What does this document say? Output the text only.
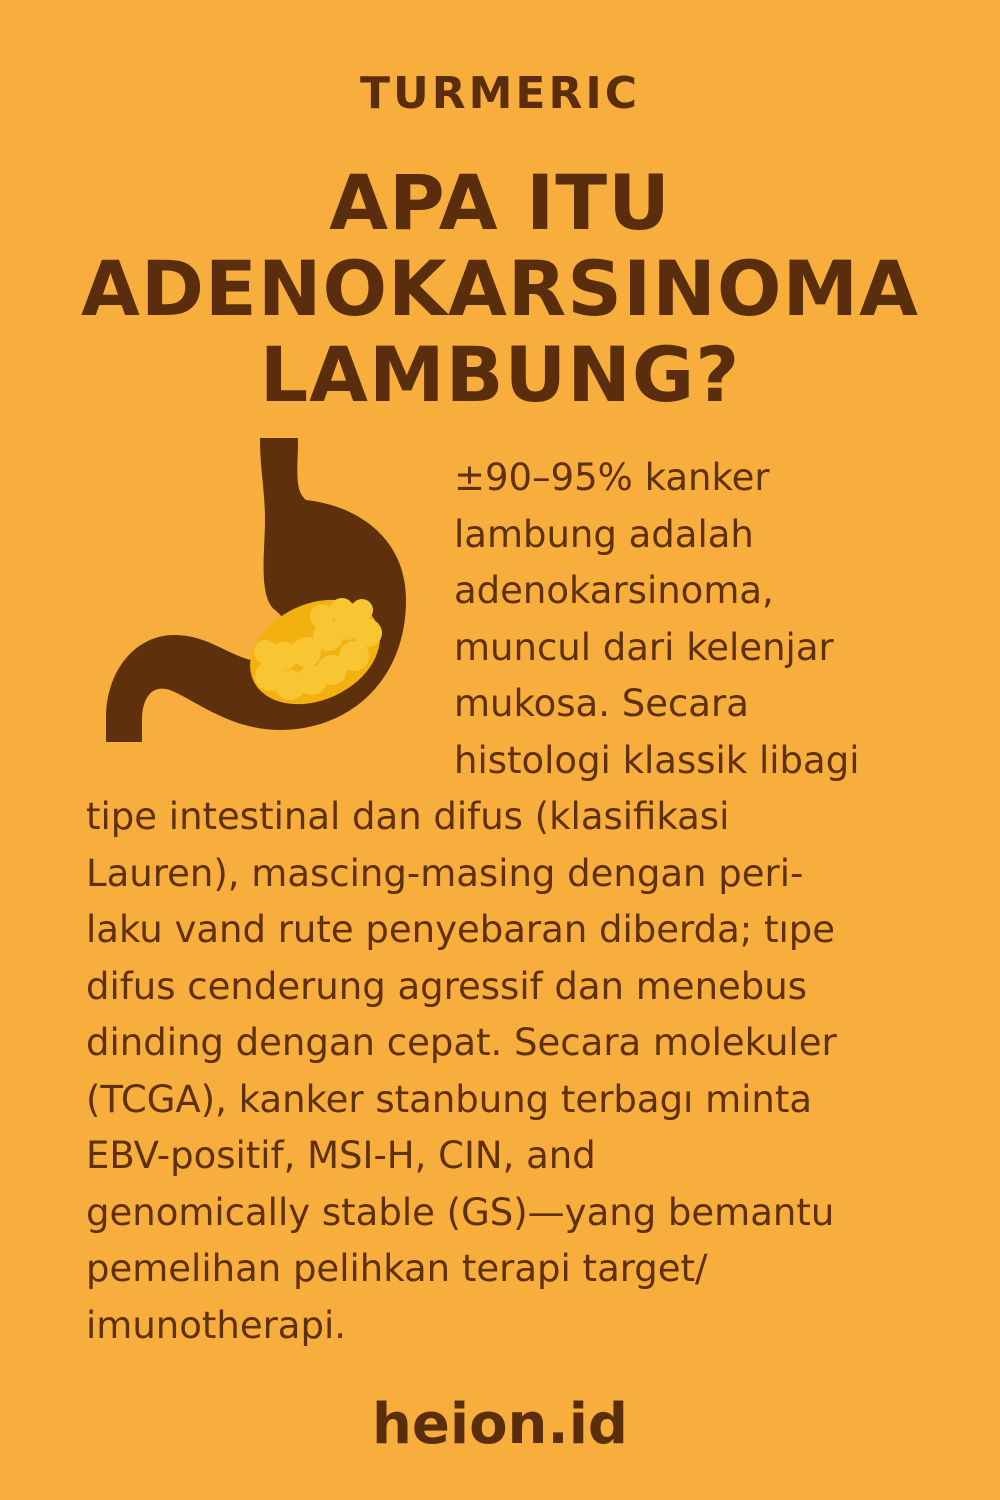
TURMERIC
APA ITU
ADENOKARSINOMA
LAMBUNG?
±90–95% kanker
lambung adalah
adenokarsinoma,
muncul dari kelenjar
mukosa. Secara
histologi klassik libagi
tipe intestinal dan difus (klasifikasi
Lauren), mascing-masing dengan peri-
laku vand rute penyebaran diberda; tıpe
difus cenderung agressif dan menebus
dinding dengan cepat. Secara molekuler
(TCGA), kanker stanbung terbagı minta
EBV-positif, MSI-H, CIN, and
genomically stable (GS)—yang bemantu
pemelihan pelihkan terapi target/
imunotherapi.
heion.id
